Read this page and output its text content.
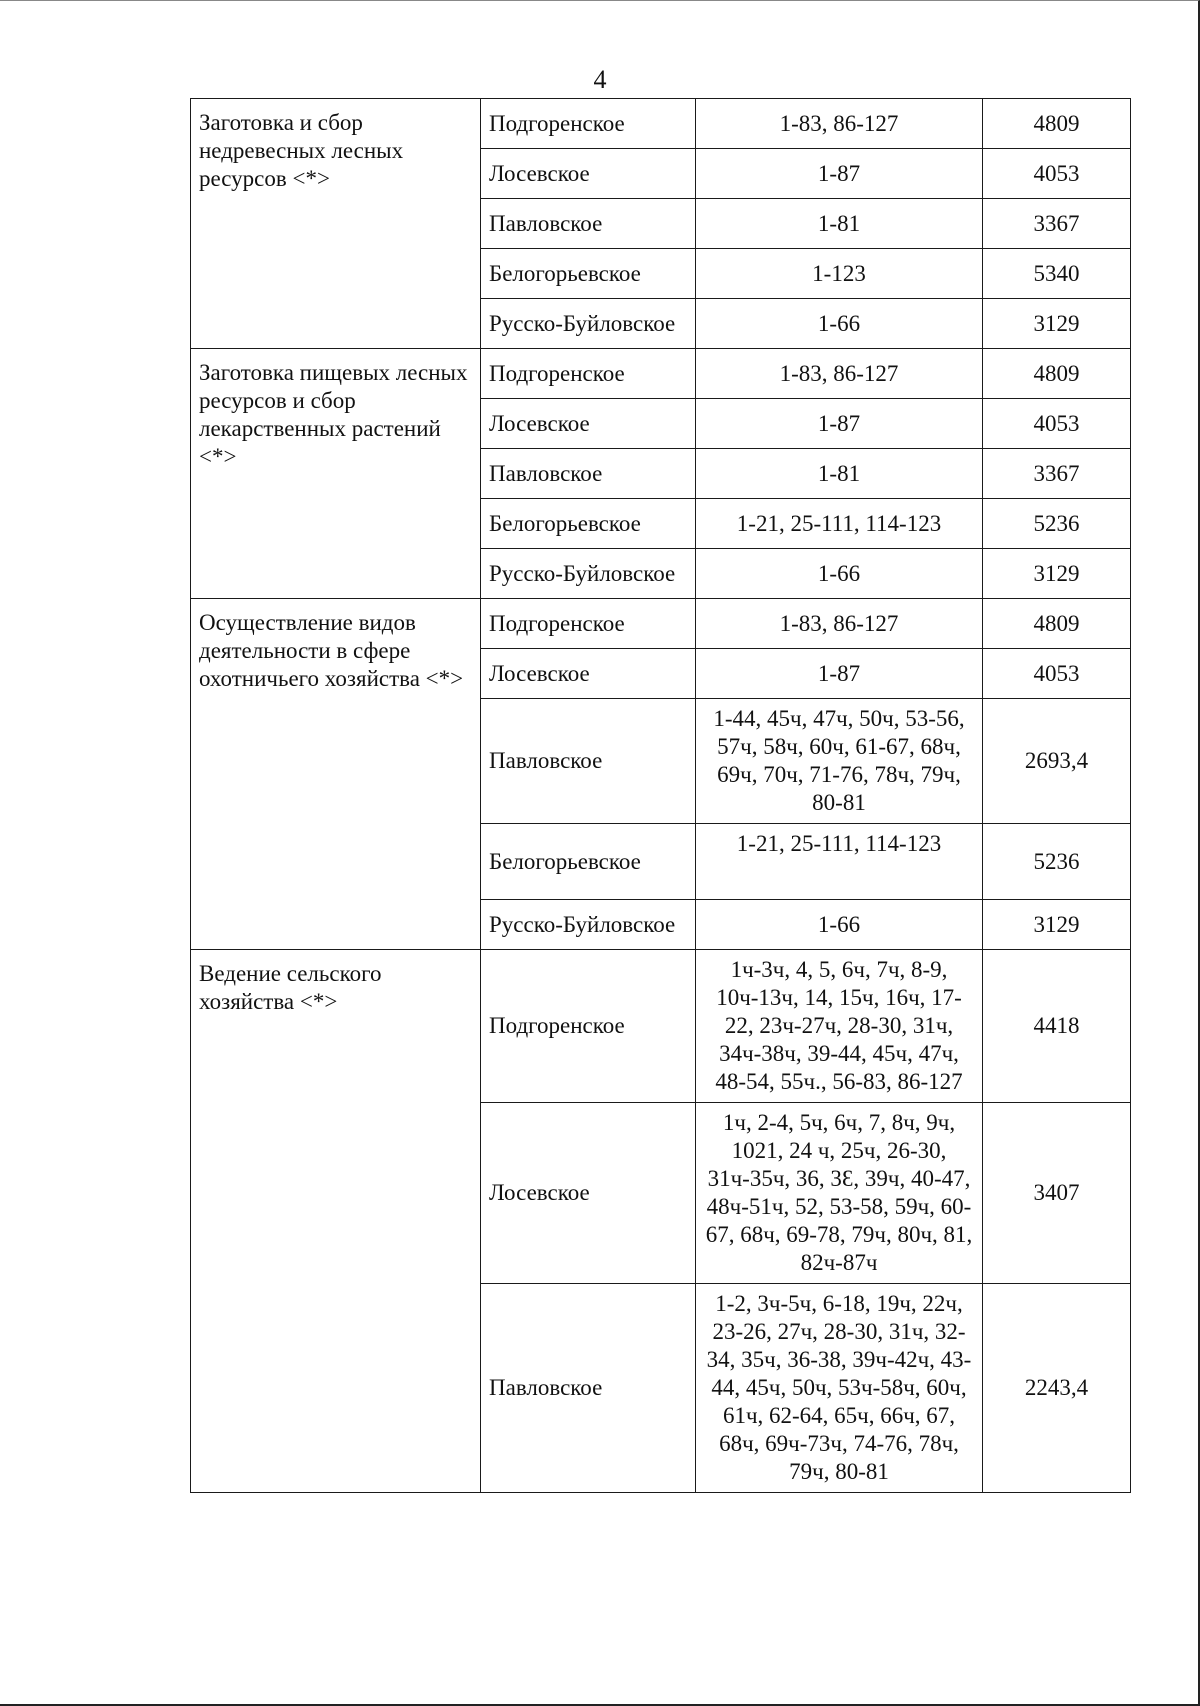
4
Заготовка и сбор недревесных лесных ресурсов <*>	Подгоренское	1-83, 86-127	4809
	Лосевское	1-87	4053
	Павловское	1-81	3367
	Белогорьевское	1-123	5340
	Русско-Буйловское	1-66	3129
Заготовка пищевых лесных ресурсов и сбор лекарственных растений <*>	Подгоренское	1-83, 86-127	4809
	Лосевское	1-87	4053
	Павловское	1-81	3367
	Белогорьевское	1-21, 25-111, 114-123	5236
	Русско-Буйловское	1-66	3129
Осуществление видов деятельности в сфере охотничьего хозяйства <*>	Подгоренское	1-83, 86-127	4809
	Лосевское	1-87	4053
	Павловское	1-44, 45ч, 47ч, 50ч, 53-56, 57ч, 58ч, 60ч, 61-67, 68ч, 69ч, 70ч, 71-76, 78ч, 79ч, 80-81	2693,4
	Белогорьевское	1-21, 25-111, 114-123	5236
	Русско-Буйловское	1-66	3129
Ведение сельского хозяйства <*>	Подгоренское	1ч-3ч, 4, 5, 6ч, 7ч, 8-9, 10ч-13ч, 14, 15ч, 16ч, 17-22, 23ч-27ч, 28-30, 31ч, 34ч-38ч, 39-44, 45ч, 47ч, 48-54, 55ч., 56-83, 86-127	4418
	Лосевское	1ч, 2-4, 5ч, 6ч, 7, 8ч, 9ч, 1021, 24 ч, 25ч, 26-30, 31ч-35ч, 36, 3Ɛ, 39ч, 40-47, 48ч-51ч, 52, 53-58, 59ч, 60-67, 68ч, 69-78, 79ч, 80ч, 81, 82ч-87ч	3407
	Павловское	1-2, 3ч-5ч, 6-18, 19ч, 22ч, 23-26, 27ч, 28-30, 31ч, 32-34, 35ч, 36-38, 39ч-42ч, 43-44, 45ч, 50ч, 53ч-58ч, 60ч, 61ч, 62-64, 65ч, 66ч, 67, 68ч, 69ч-73ч, 74-76, 78ч, 79ч, 80-81	2243,4
